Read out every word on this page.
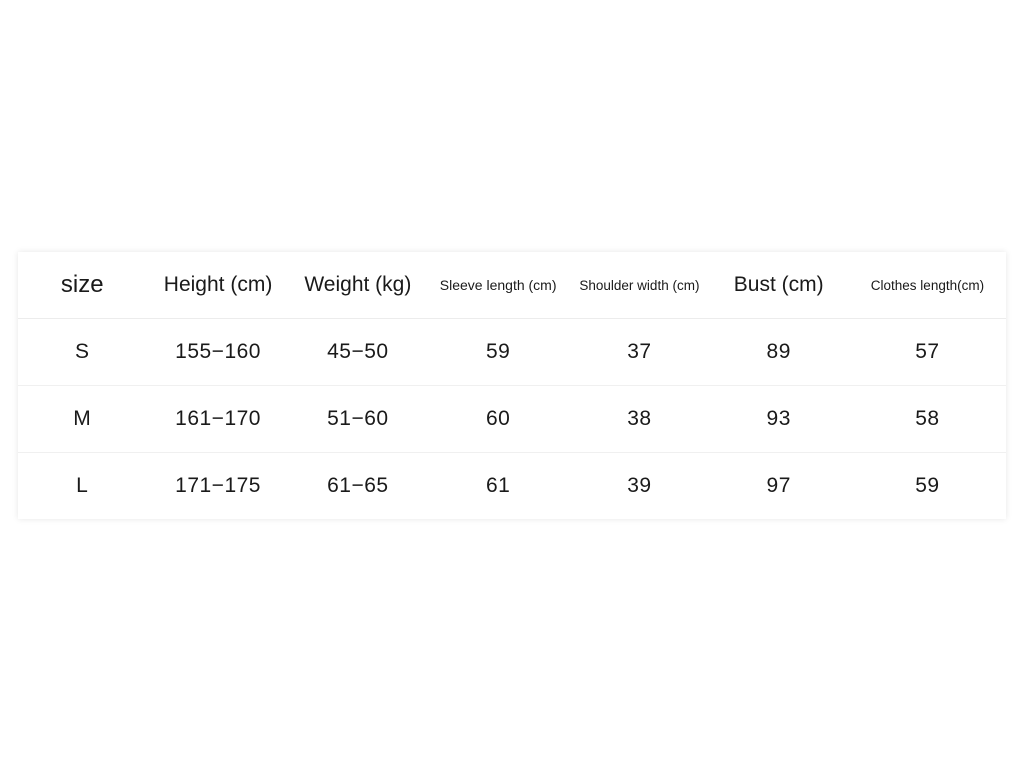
size	Height (cm)	Weight (kg)	Sleeve length (cm)	Shoulder width (cm)	Bust (cm)	Clothes length(cm)
S	155−160	45−50	59	37	89	57
M	161−170	51−60	60	38	93	58
L	171−175	61−65	61	39	97	59
